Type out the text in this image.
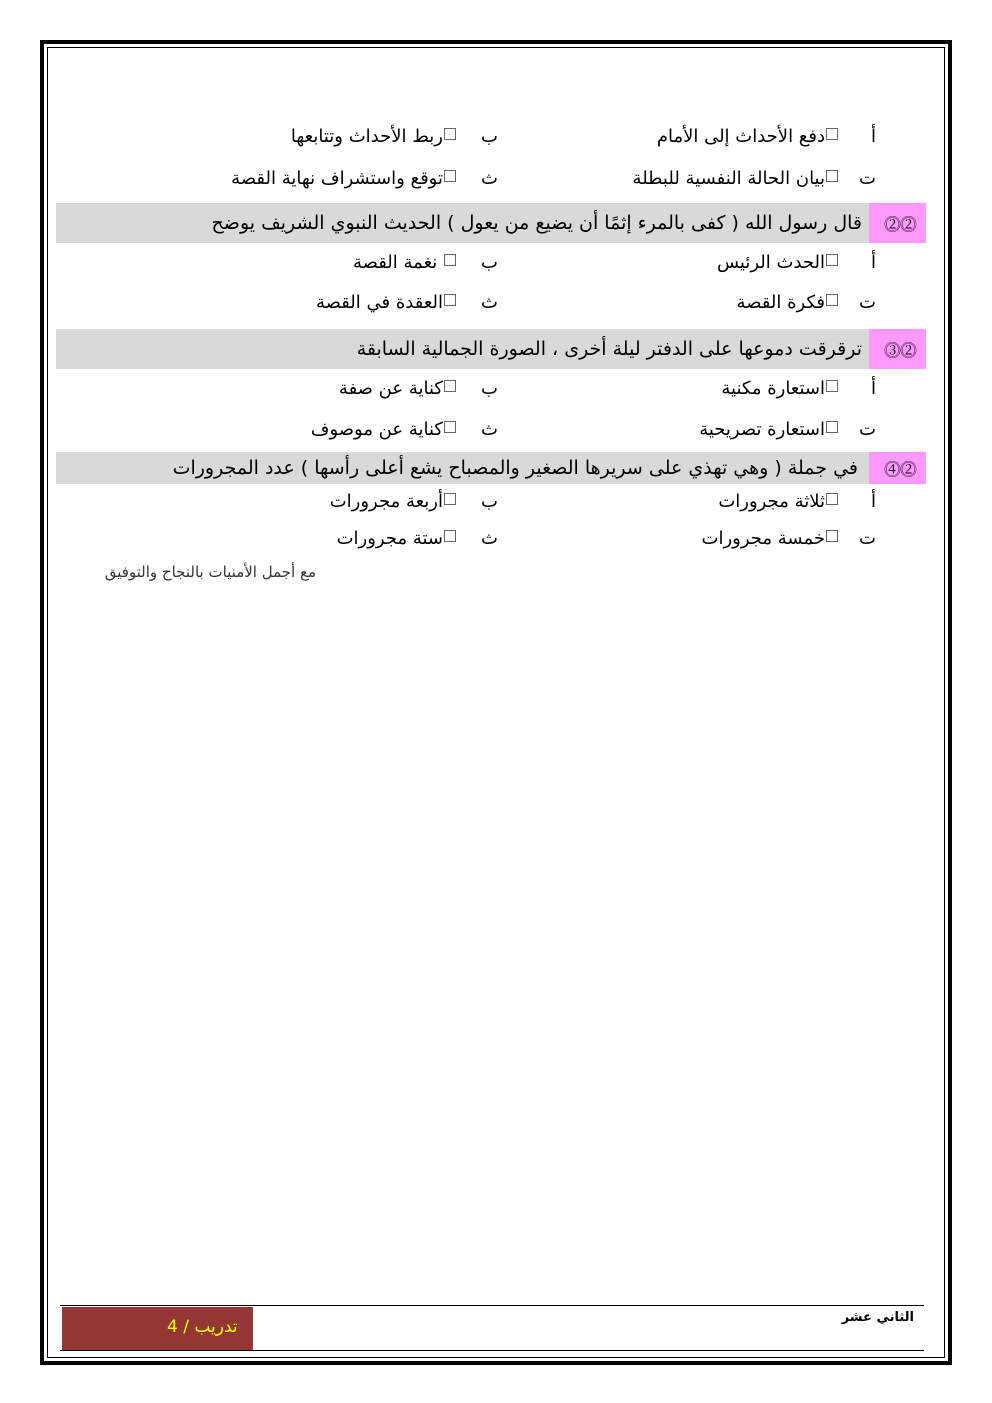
أ
دفع الأحداث إلى الأمام
ب
ربط الأحداث وتتابعها
ت
بيان الحالة النفسية للبطلة
ث
توقع واستشراف نهاية القصة
⓶⓶
قال رسول الله ( كفى بالمرء إثمًا أن يضيع من يعول ) الحديث النبوي الشريف يوضح
أ
الحدث الرئيس
ب
نغمة القصة
ت
فكرة القصة
ث
العقدة في القصة
⓶⓷
ترقرقت دموعها على الدفتر ليلة أخرى ، الصورة الجمالية السابقة
أ
استعارة مكنية
ب
كناية عن صفة
ت
استعارة تصريحية
ث
كناية عن موصوف
⓶⓸
في جملة ( وهي تهذي على سريرها الصغير والمصباح يشع أعلى رأسها ) عدد المجرورات
أ
ثلاثة مجرورات
ب
أربعة مجرورات
ت
خمسة مجرورات
ث
ستة مجرورات
مع أجمل الأمنيات بالنجاح والتوفيق
تدريب / 4	الثاني عشر
